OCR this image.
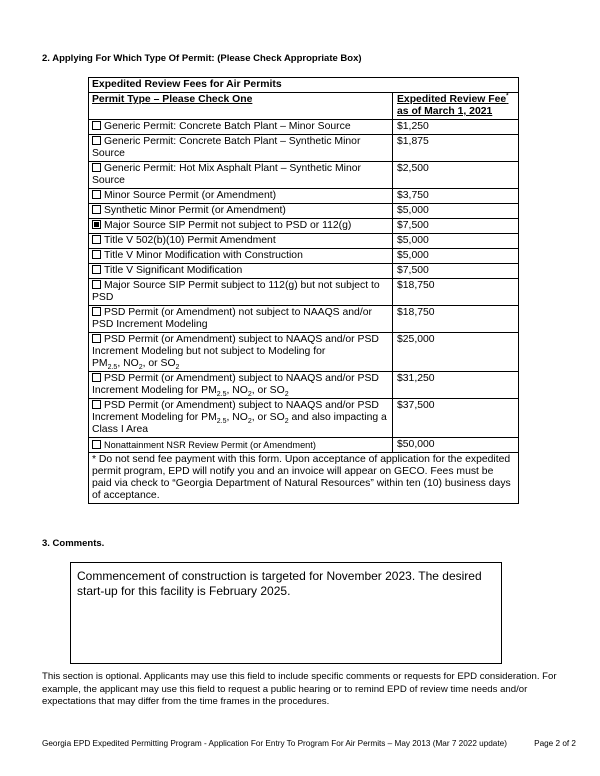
2. Applying For Which Type Of Permit: (Please Check Appropriate Box)
Expedited Review Fees for Air Permits	
Permit Type – Please Check One	Expedited Review Fee*
as of March 1, 2021
Generic Permit: Concrete Batch Plant – Minor Source	$1,250
Generic Permit: Concrete Batch Plant – Synthetic Minor Source	$1,875
Generic Permit: Hot Mix Asphalt Plant – Synthetic Minor Source	$2,500
Minor Source Permit (or Amendment)	$3,750
Synthetic Minor Permit (or Amendment)	$5,000
Major Source SIP Permit not subject to PSD or 112(g)	$7,500
Title V 502(b)(10) Permit Amendment	$5,000
Title V Minor Modification with Construction	$5,000
Title V Significant Modification	$7,500
Major Source SIP Permit subject to 112(g) but not subject to PSD	$18,750
PSD Permit (or Amendment) not subject to NAAQS and/or PSD Increment Modeling	$18,750
PSD Permit (or Amendment) subject to NAAQS and/or PSD Increment Modeling but not subject to Modeling for
$PM_{2.5}$, $NO_2$, or $SO_2$	$25,000
PSD Permit (or Amendment) subject to NAAQS and/or PSD Increment Modeling for $PM_{2.5}$, $NO_2$, or $SO_2$	$31,250
PSD Permit (or Amendment) subject to NAAQS and/or PSD Increment Modeling for $PM_{2.5}$, $NO_2$, or $SO_2$ and also impacting a Class I Area	$37,500
Nonattainment NSR Review Permit (or Amendment)	$50,000
* Do not send fee payment with this form. Upon acceptance of application for the expedited permit program, EPD will notify you and an invoice will appear on GECO. Fees must be paid via check to “Georgia Department of Natural Resources” within ten (10) business days of acceptance.	
3. Comments.
Commencement of construction is targeted for November 2023. The desired start-up for this facility is February 2025.
This section is optional. Applicants may use this field to include specific comments or requests for EPD consideration. For example, the applicant may use this field to request a public hearing or to remind EPD of review time needs and/or expectations that may differ from the time frames in the procedures.
Georgia EPD Expedited Permitting Program - Application For Entry To Program For Air Permits – May 2013 (Mar 7 2022 update)	Page 2 of 2
